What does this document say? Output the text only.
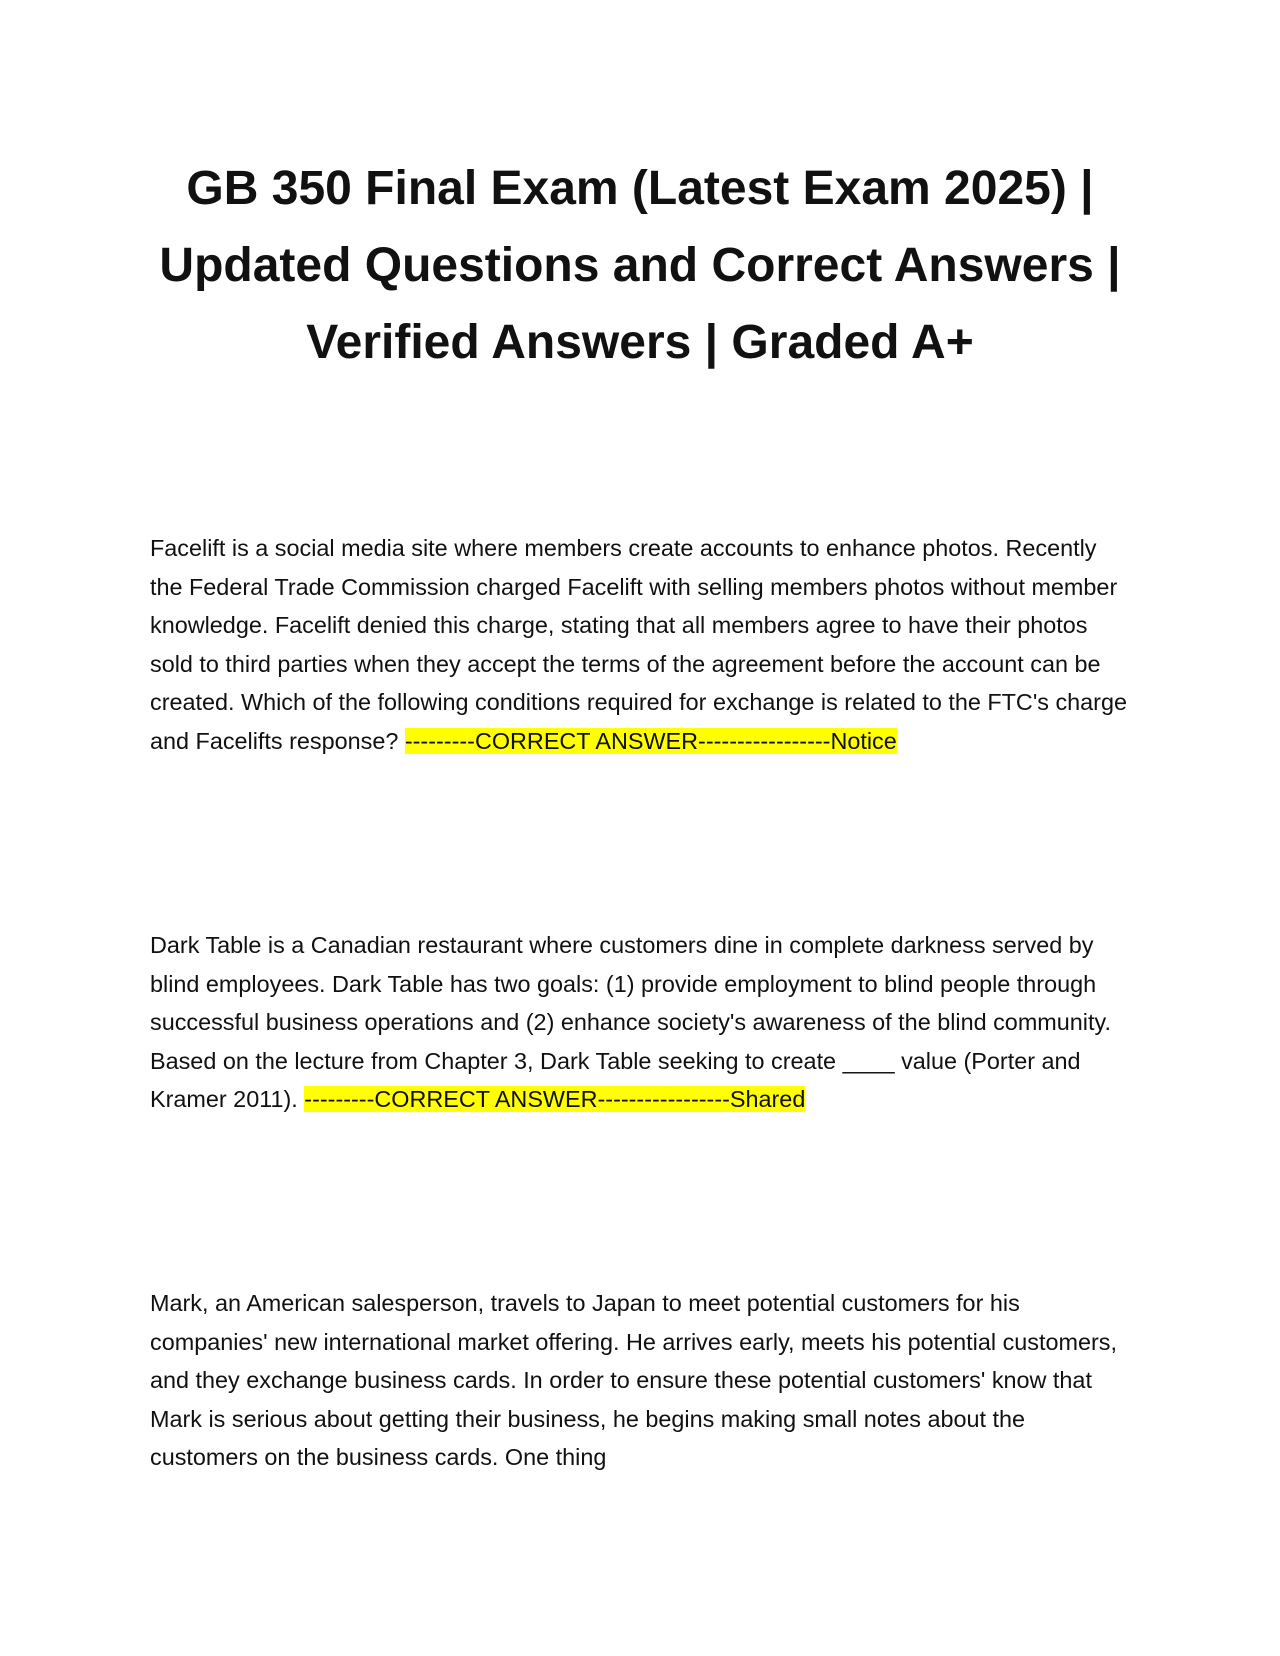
GB 350 Final Exam (Latest Exam 2025) | Updated Questions and Correct Answers | Verified Answers | Graded A+

Facelift is a social media site where members create accounts to enhance photos. Recently the Federal Trade Commission charged Facelift with selling members photos without member knowledge. Facelift denied this charge, stating that all members agree to have their photos sold to third parties when they accept the terms of the agreement before the account can be created. Which of the following conditions required for exchange is related to the FTC's charge and Facelifts response? ---------CORRECT ANSWER-----------------Notice

Dark Table is a Canadian restaurant where customers dine in complete darkness served by blind employees. Dark Table has two goals: (1) provide employment to blind people through successful business operations and (2) enhance society's awareness of the blind community. Based on the lecture from Chapter 3, Dark Table seeking to create ____ value (Porter and Kramer 2011). ---------CORRECT ANSWER-----------------Shared

Mark, an American salesperson, travels to Japan to meet potential customers for his companies' new international market offering. He arrives early, meets his potential customers, and they exchange business cards. In order to ensure these potential customers' know that Mark is serious about getting their business, he begins making small notes about the customers on the business cards. One thing
